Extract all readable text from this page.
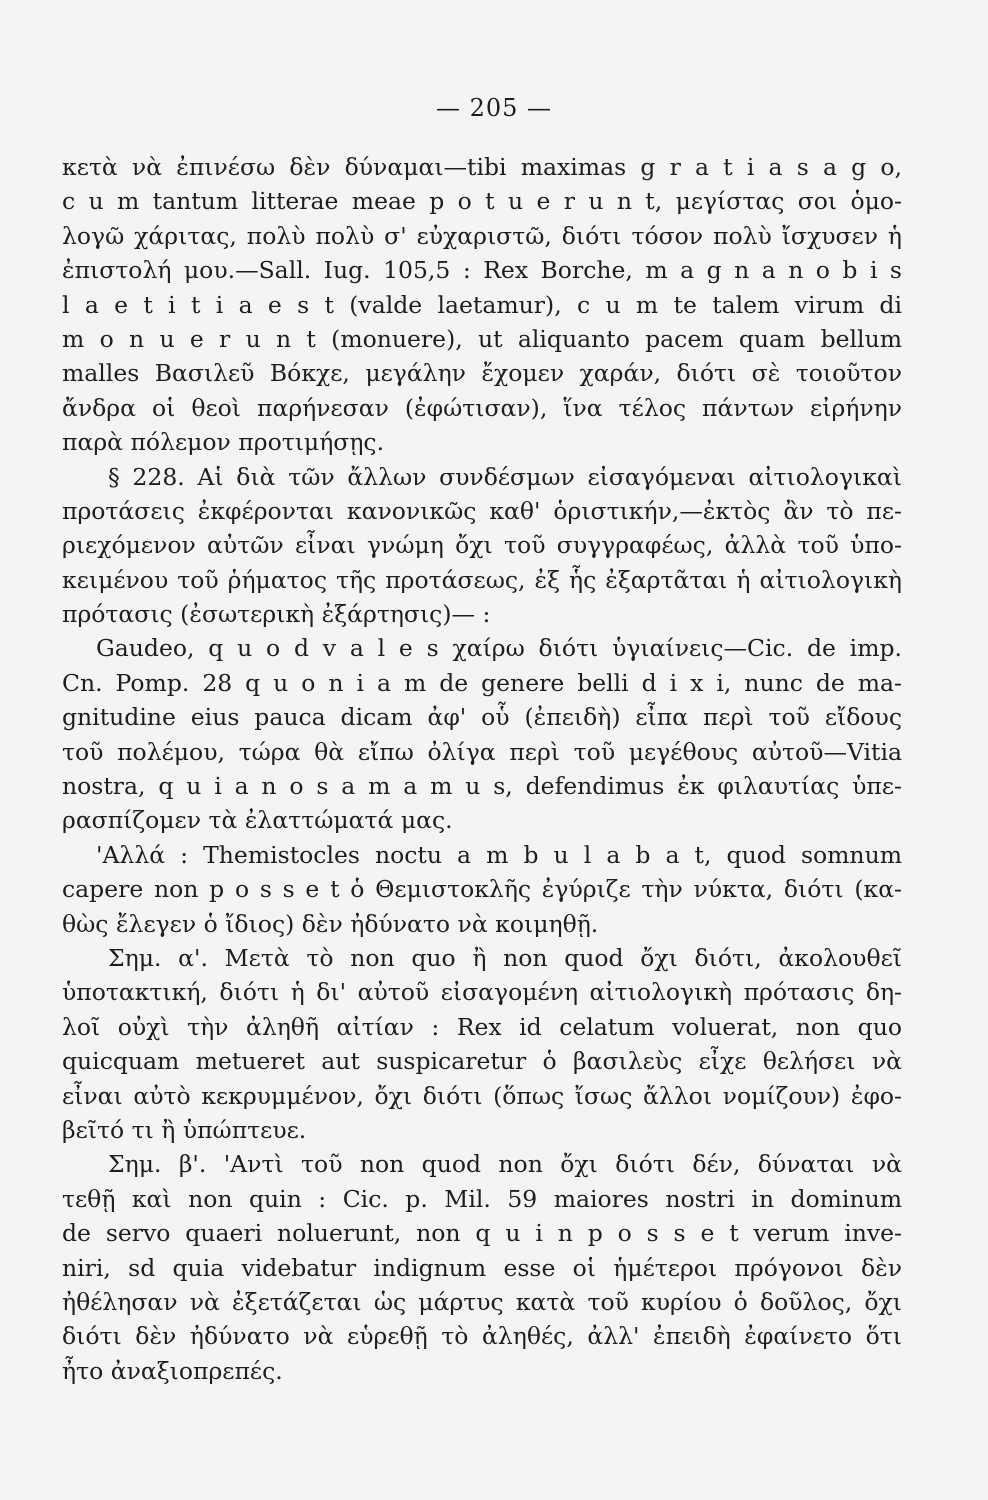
— 205 —
κετὰ νὰ ἐπινέσω δὲν δύναμαι—tibi maximas g r a t i a s a g o,
c u m tantum litterae meae p o t u e r u n t, μεγίστας σοι ὁμο-
λογῶ χάριτας, πολὺ πολὺ σ' εὐχαριστῶ, διότι τόσον πολὺ ἴσχυσεν ἡ
ἐπιστολή μου.—Sall. Iug. 105,5 : Rex Borche, m a g n a n o b i s
l a e t i t i a e s t (valde laetamur), c u m te talem virum di
m o n u e r u n t (monuere), ut aliquanto pacem quam bellum
malles Βασιλεῦ Βόκχε, μεγάλην ἔχομεν χαράν, διότι σὲ τοιοῦτον
ἄνδρα οἱ θεοὶ παρήνεσαν (ἐφώτισαν), ἵνα τέλος πάντων εἰρήνην
παρὰ πόλεμον προτιμήσῃς.
§ 228. Αἱ διὰ τῶν ἄλλων συνδέσμων εἰσαγόμεναι αἰτιολογικαὶ
προτάσεις ἐκφέρονται κανονικῶς καθ' ὁριστικήν,—ἐκτὸς ἂν τὸ πε-
ριεχόμενον αὐτῶν εἶναι γνώμη ὄχι τοῦ συγγραφέως, ἀλλὰ τοῦ ὑπο-
κειμένου τοῦ ῥήματος τῆς προτάσεως, ἐξ ἧς ἐξαρτᾶται ἡ αἰτιολογικὴ
πρότασις (ἐσωτερικὴ ἐξάρτησις)— :
Gaudeo, q u o d v a l e s χαίρω διότι ὑγιαίνεις—Cic. de imp.
Cn. Pomp. 28 q u o n i a m de genere belli d i x i, nunc de ma-
gnitudine eius pauca dicam ἀφ' οὗ (ἐπειδὴ) εἶπα περὶ τοῦ εἴδους
τοῦ πολέμου, τώρα θὰ εἴπω ὀλίγα περὶ τοῦ μεγέθους αὐτοῦ—Vitia
nostra, q u i a n o s a m a m u s, defendimus ἐκ φιλαυτίας ὑπε-
ρασπίζομεν τὰ ἐλαττώματά μας.
'Αλλά : Themistocles noctu a m b u l a b a t, quod somnum
capere non p o s s e t ὁ Θεμιστοκλῆς ἐγύριζε τὴν νύκτα, διότι (κα-
θὼς ἔλεγεν ὁ ἴδιος) δὲν ἠδύνατο νὰ κοιμηθῇ.
Σημ. α'. Μετὰ τὸ non quo ἢ non quod ὄχι διότι, ἀκολουθεῖ
ὑποτακτική, διότι ἡ δι' αὐτοῦ εἰσαγομένη αἰτιολογικὴ πρότασις δη-
λοῖ οὐχὶ τὴν ἀληθῆ αἰτίαν : Rex id celatum voluerat, non quo
quicquam metueret aut suspicaretur ὁ βασιλεὺς εἶχε θελήσει νὰ
εἶναι αὐτὸ κεκρυμμένον, ὄχι διότι (ὅπως ἴσως ἄλλοι νομίζουν) ἐφο-
βεῖτό τι ἢ ὑπώπτευε.
Σημ. β'. 'Αντὶ τοῦ non quod non ὄχι διότι δέν, δύναται νὰ
τεθῇ καὶ non quin : Cic. p. Mil. 59 maiores nostri in dominum
de servo quaeri noluerunt, non q u i n p o s s e t verum inve-
niri, sd quia videbatur indignum esse οἱ ἡμέτεροι πρόγονοι δὲν
ἠθέλησαν νὰ ἐξετάζεται ὡς μάρτυς κατὰ τοῦ κυρίου ὁ δοῦλος, ὄχι
διότι δὲν ἠδύνατο νὰ εὑρεθῇ τὸ ἀληθές, ἀλλ' ἐπειδὴ ἐφαίνετο ὅτι
ἦτο ἀναξιοπρεπές.
